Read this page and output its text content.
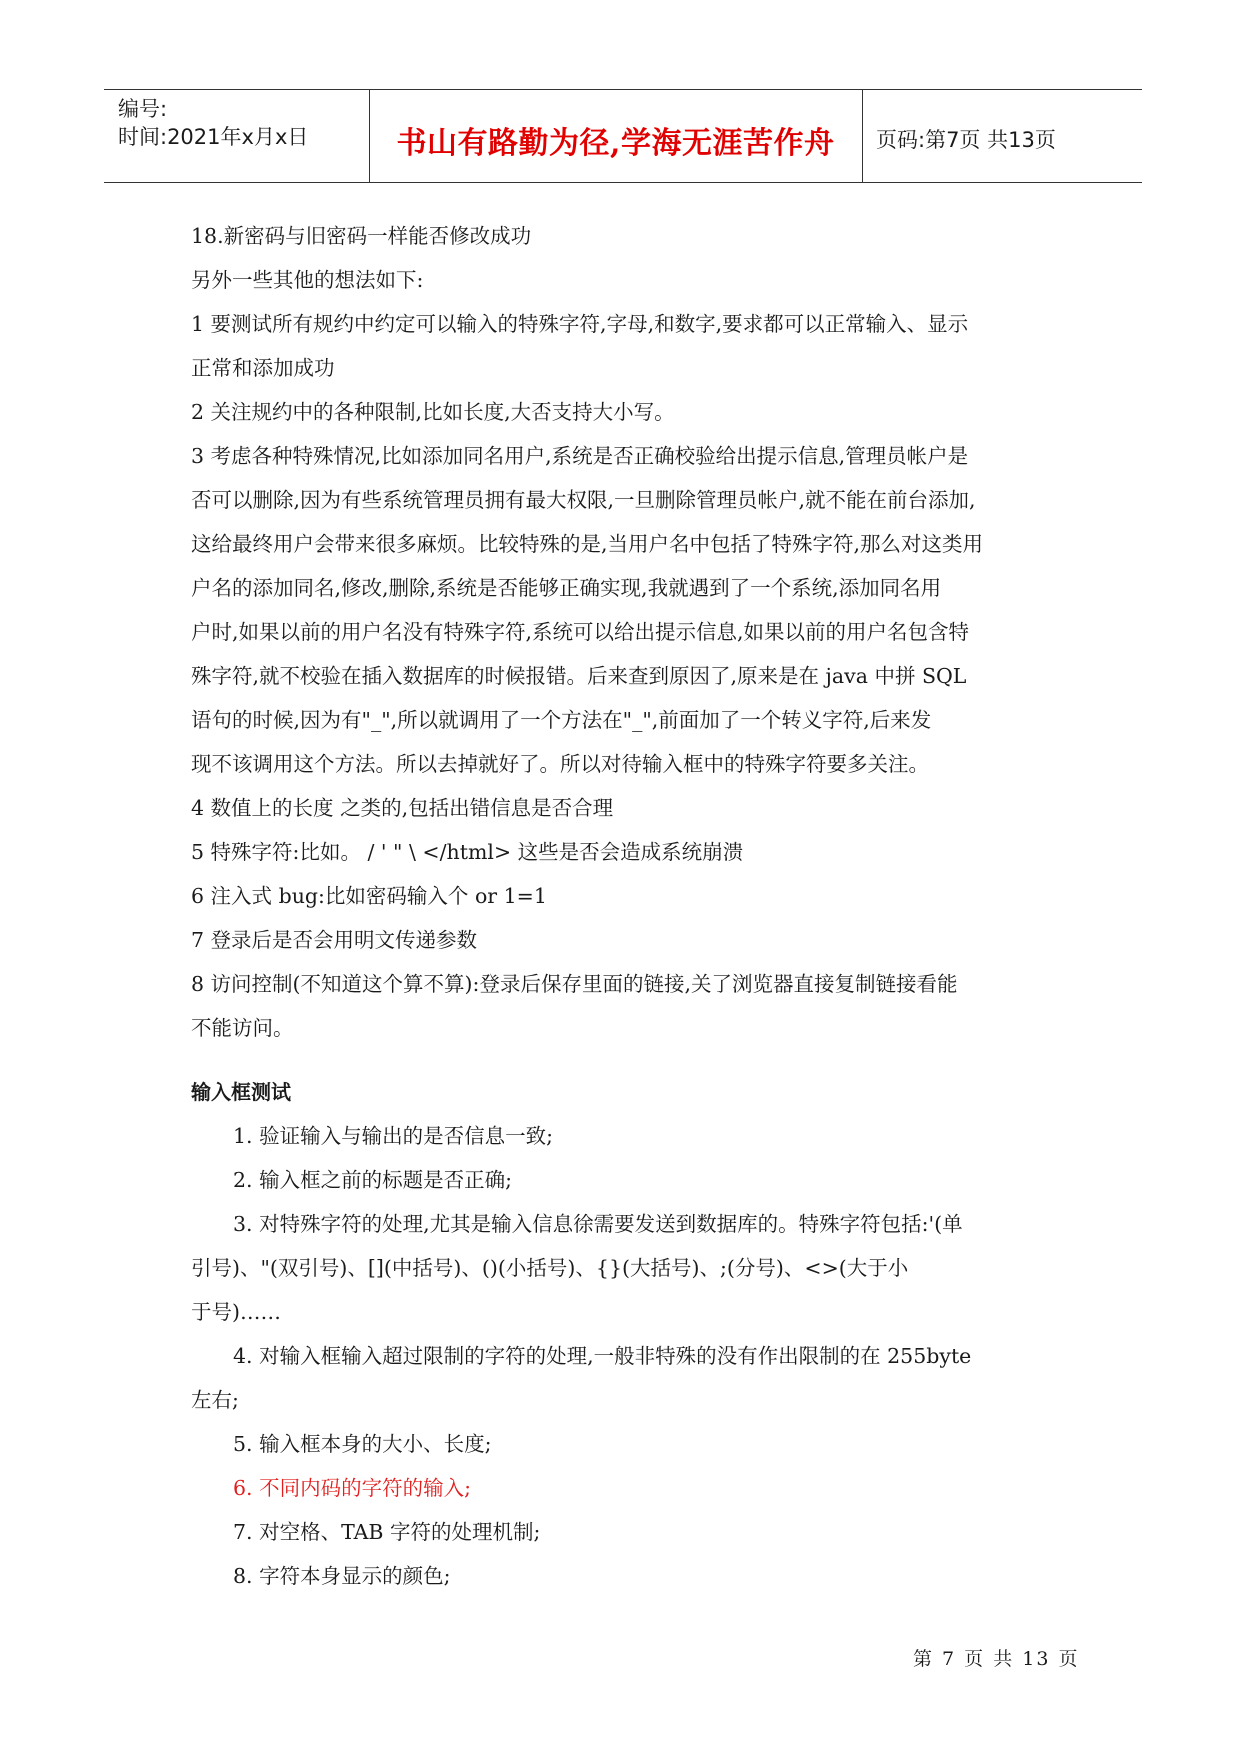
编号:
时间:2021年x月x日	书山有路勤为径,学海无涯苦作舟	页码:第7页 共13页

18.新密码与旧密码一样能否修改成功

另外一些其他的想法如下:

1 要测试所有规约中约定可以输入的特殊字符,字母,和数字,要求都可以正常输入、显示

正常和添加成功

2 关注规约中的各种限制,比如长度,大否支持大小写。

3 考虑各种特殊情况,比如添加同名用户,系统是否正确校验给出提示信息,管理员帐户是

否可以删除,因为有些系统管理员拥有最大权限,一旦删除管理员帐户,就不能在前台添加,

这给最终用户会带来很多麻烦。比较特殊的是,当用户名中包括了特殊字符,那么对这类用

户名的添加同名,修改,删除,系统是否能够正确实现,我就遇到了一个系统,添加同名用

户时,如果以前的用户名没有特殊字符,系统可以给出提示信息,如果以前的用户名包含特

殊字符,就不校验在插入数据库的时候报错。后来查到原因了,原来是在 java 中拼 SQL

语句的时候,因为有"_",所以就调用了一个方法在"_",前面加了一个转义字符,后来发

现不该调用这个方法。所以去掉就好了。所以对待输入框中的特殊字符要多关注。

4 数值上的长度 之类的,包括出错信息是否合理

5 特殊字符:比如。 / ' " \ </html> 这些是否会造成系统崩溃

6 注入式 bug:比如密码输入个 or 1=1

7 登录后是否会用明文传递参数

8 访问控制(不知道这个算不算):登录后保存里面的链接,关了浏览器直接复制链接看能

不能访问。

输入框测试

1. 验证输入与输出的是否信息一致;

2. 输入框之前的标题是否正确;

3. 对特殊字符的处理,尤其是输入信息徐需要发送到数据库的。特殊字符包括:'(单

引号)、"(双引号)、[](中括号)、()(小括号)、{}(大括号)、;(分号)、<>(大于小

于号)……

4. 对输入框输入超过限制的字符的处理,一般非特殊的没有作出限制的在 255byte

左右;

5. 输入框本身的大小、长度;

6. 不同内码的字符的输入;

7. 对空格、TAB 字符的处理机制;

8. 字符本身显示的颜色;

第 7 页 共 13 页
